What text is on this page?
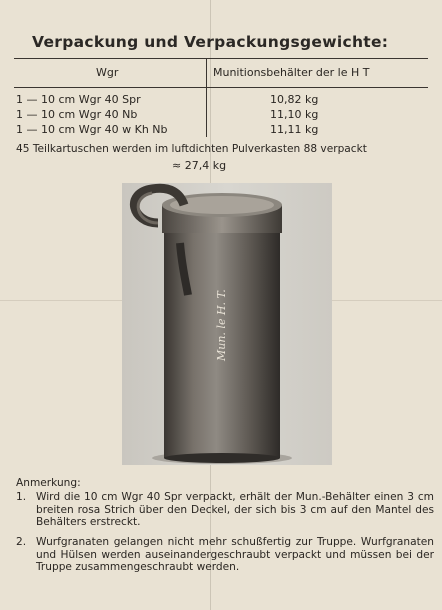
Verpackung und Verpackungsgewichte:
Wgr	Munitionsbehälter der le H T
1 — 10 cm Wgr 40 Spr	10,82 kg
1 — 10 cm Wgr 40 Nb	11,10 kg
1 — 10 cm Wgr 40 w Kh Nb	11,11 kg
45 Teilkartuschen werden im luftdichten Pulverkasten 88 verpackt
≈ 27,4 kg
Mun. le H. T.
Anmerkung:
1. Wird die 10 cm Wgr 40 Spr verpackt, erhält der Mun.-Behälter einen 3 cm breiten rosa Strich über den Deckel, der sich bis 3 cm auf den Mantel des Behälters erstreckt.
2. Wurfgranaten gelangen nicht mehr schußfertig zur Truppe. Wurfgranaten und Hülsen werden auseinandergeschraubt verpackt und müssen bei der Truppe zusammengeschraubt werden.
